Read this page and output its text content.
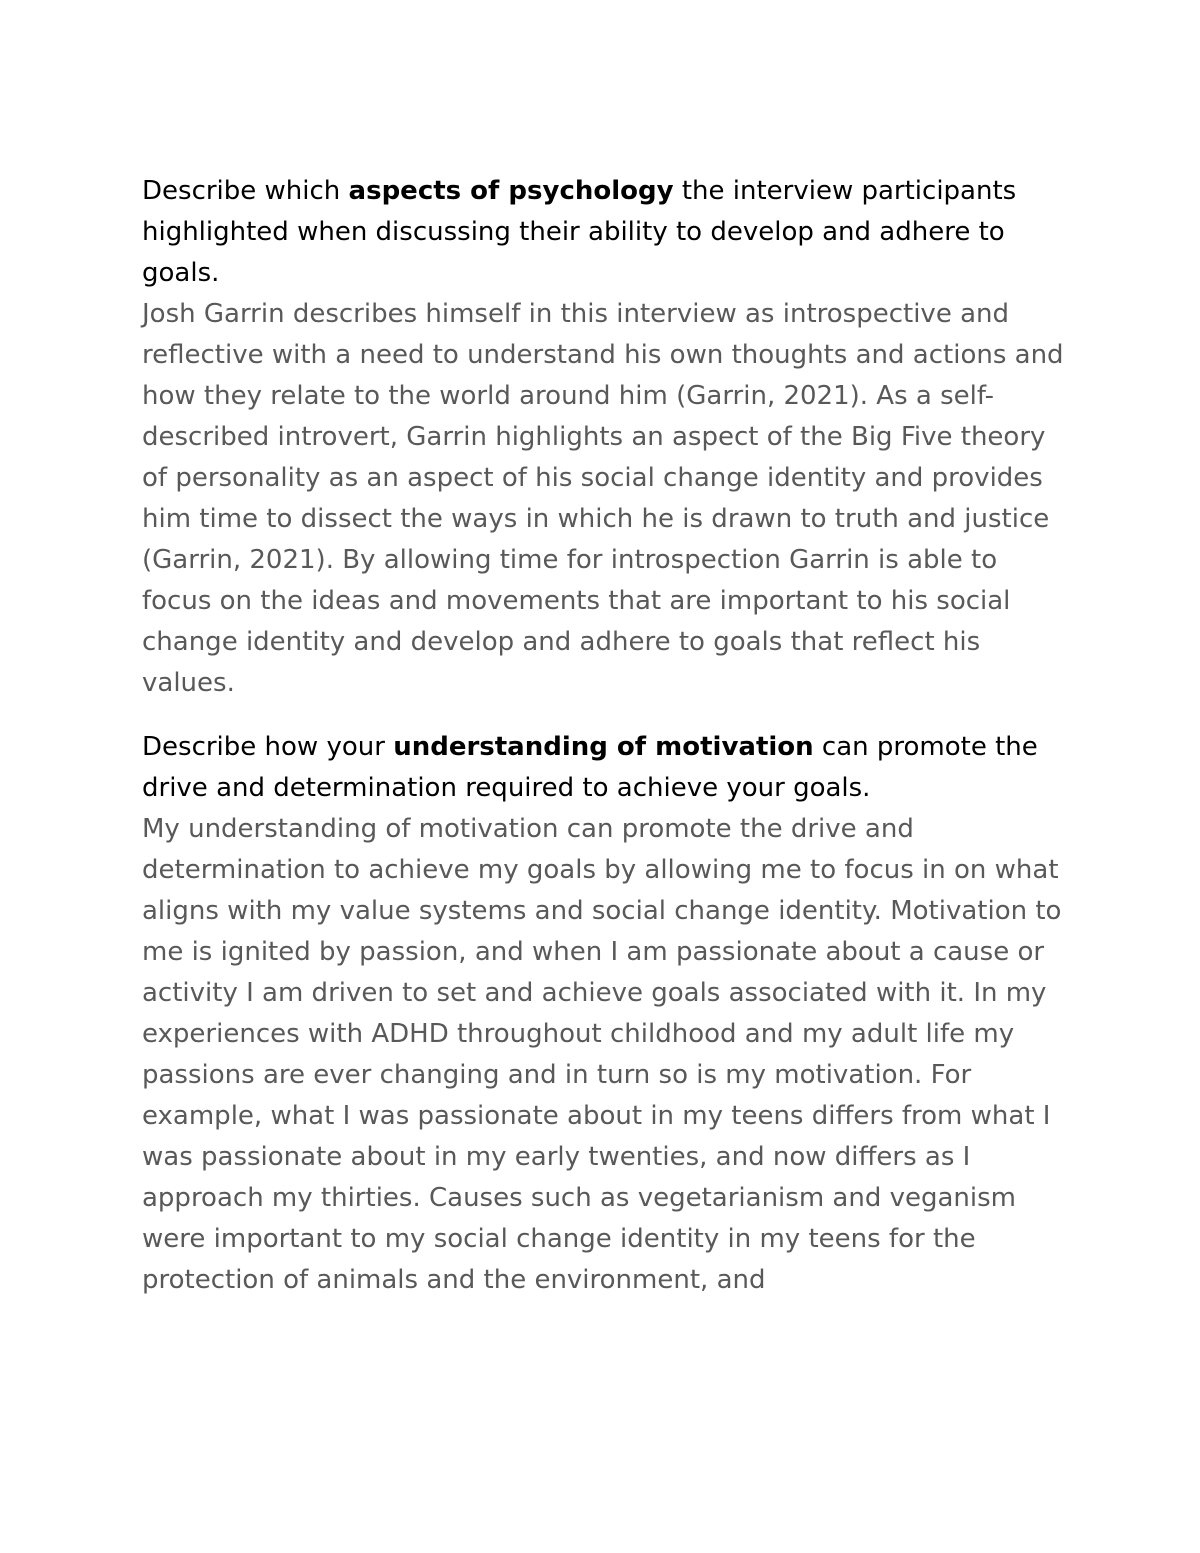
Describe which aspects of psychology the interview participants highlighted when discussing their ability to develop and adhere to goals.

Josh Garrin describes himself in this interview as introspective and reflective with a need to understand his own thoughts and actions and how they relate to the world around him (Garrin, 2021). As a self-described introvert, Garrin highlights an aspect of the Big Five theory of personality as an aspect of his social change identity and provides him time to dissect the ways in which he is drawn to truth and justice (Garrin, 2021). By allowing time for introspection Garrin is able to focus on the ideas and movements that are important to his social change identity and develop and adhere to goals that reflect his values.

Describe how your understanding of motivation can promote the drive and determination required to achieve your goals.

My understanding of motivation can promote the drive and determination to achieve my goals by allowing me to focus in on what aligns with my value systems and social change identity. Motivation to me is ignited by passion, and when I am passionate about a cause or activity I am driven to set and achieve goals associated with it. In my experiences with ADHD throughout childhood and my adult life my passions are ever changing and in turn so is my motivation. For example, what I was passionate about in my teens differs from what I was passionate about in my early twenties, and now differs as I approach my thirties. Causes such as vegetarianism and veganism were important to my social change identity in my teens for the protection of animals and the environment, and
